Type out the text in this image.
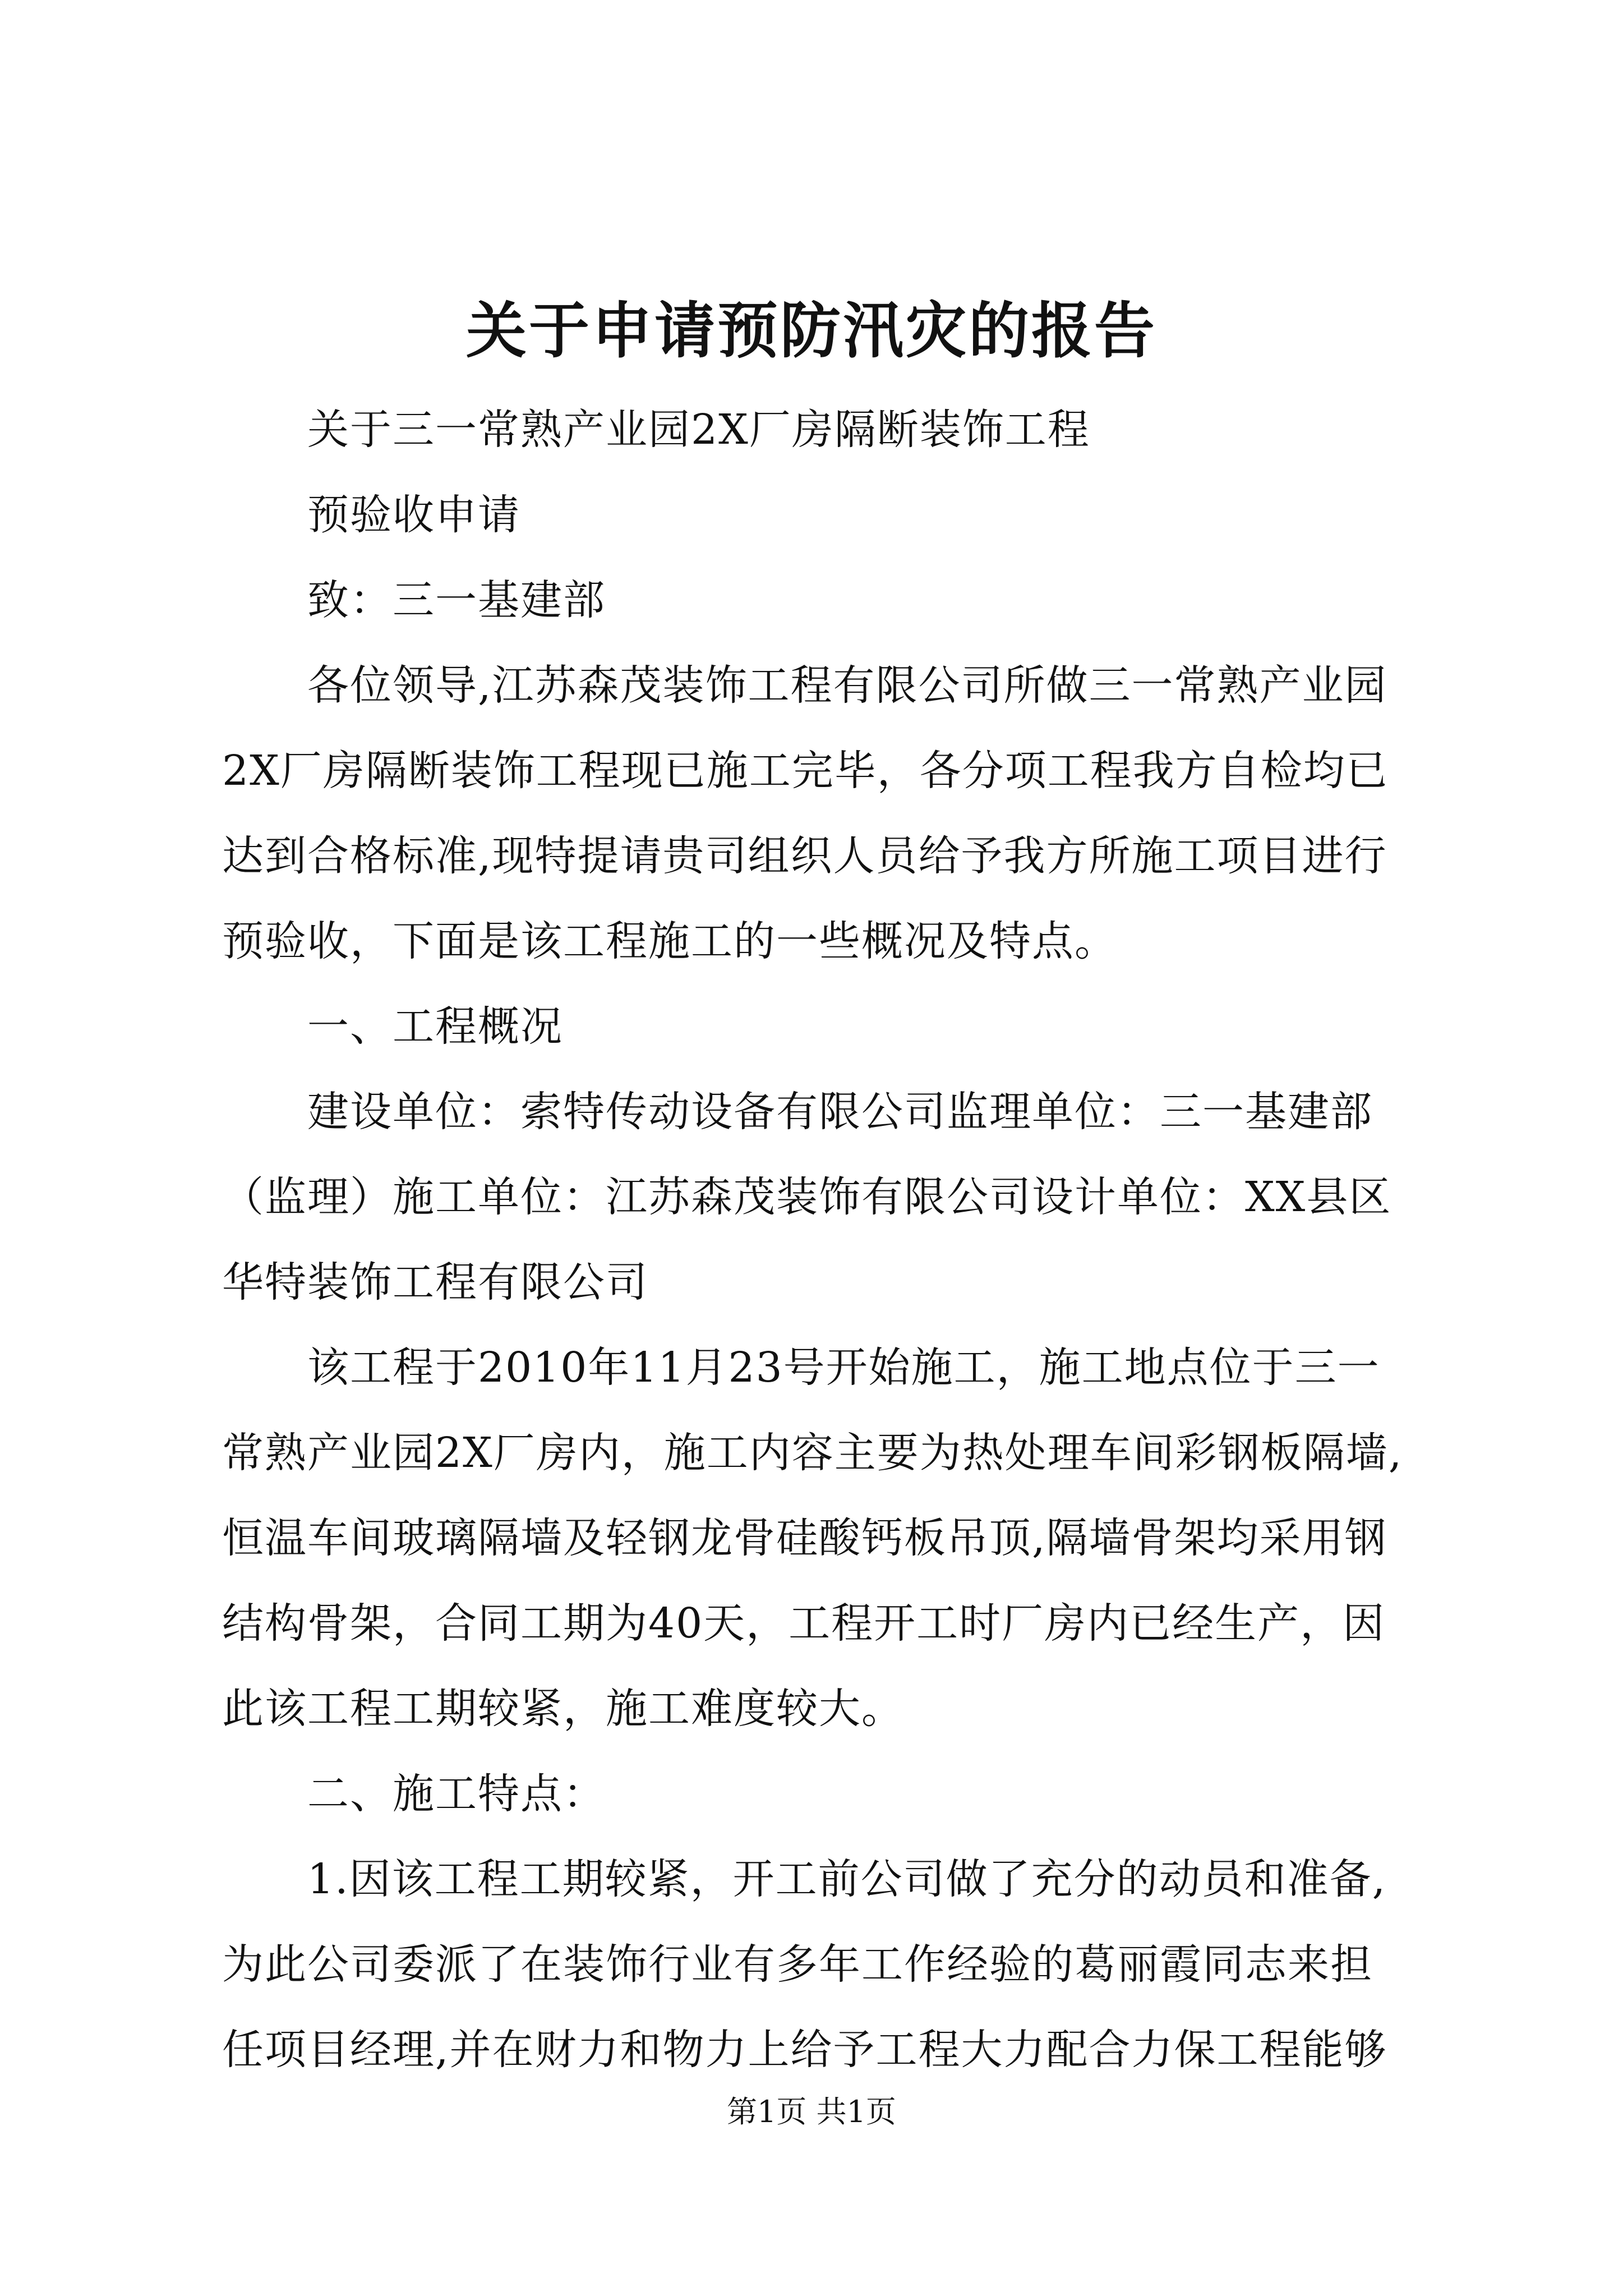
关于申请预防汛灾的报告

关于三一常熟产业园2X厂房隔断装饰工程

预验收申请

致：三一基建部

各位领导,江苏森茂装饰工程有限公司所做三一常熟产业园

2X厂房隔断装饰工程现已施工完毕，各分项工程我方自检均已

达到合格标准,现特提请贵司组织人员给予我方所施工项目进行

预验收，下面是该工程施工的一些概况及特点。

一、工程概况

建设单位：索特传动设备有限公司监理单位：三一基建部

（监理）施工单位：江苏森茂装饰有限公司设计单位：XX县区

华特装饰工程有限公司

该工程于2010年11月23号开始施工，施工地点位于三一

常熟产业园2X厂房内，施工内容主要为热处理车间彩钢板隔墙,

恒温车间玻璃隔墙及轻钢龙骨硅酸钙板吊顶,隔墙骨架均采用钢

结构骨架，合同工期为40天，工程开工时厂房内已经生产，因

此该工程工期较紧，施工难度较大。

二、施工特点：

1.因该工程工期较紧，开工前公司做了充分的动员和准备,

为此公司委派了在装饰行业有多年工作经验的葛丽霞同志来担

任项目经理,并在财力和物力上给予工程大力配合力保工程能够

第1页 共1页
